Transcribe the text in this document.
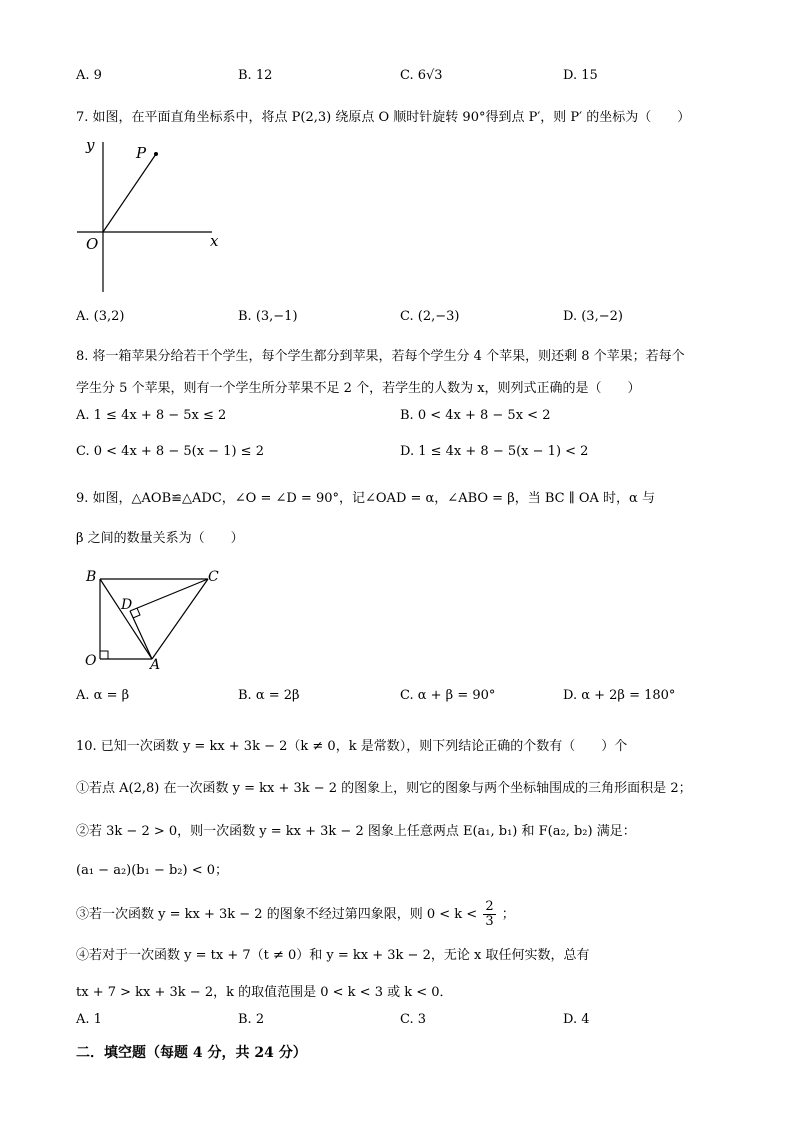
A. 9	B. 12	C. 6√3	D. 15
7. 如图，在平面直角坐标系中，将点 P(2,3) 绕原点 O 顺时针旋转 90°得到点 P′，则 P′ 的坐标为（　　）
y
x
P
O
A. (3,2)	B. (3,−1)	C. (2,−3)	D. (3,−2)
8. 将一箱苹果分给若干个学生，每个学生都分到苹果，若每个学生分 4 个苹果，则还剩 8 个苹果；若每个
学生分 5 个苹果，则有一个学生所分苹果不足 2 个，若学生的人数为 x，则列式正确的是（　　）
A. 1 ≤ 4x + 8 − 5x ≤ 2	B. 0 < 4x + 8 − 5x < 2
C. 0 < 4x + 8 − 5(x − 1) ≤ 2	D. 1 ≤ 4x + 8 − 5(x − 1) < 2
9. 如图，△AOB≌△ADC，∠O = ∠D = 90°，记∠OAD = α，∠ABO = β，当 BC ∥ OA 时，α 与
β 之间的数量关系为（　　）
B	C
D
O	A
A. α = β	B. α = 2β	C. α + β = 90°	D. α + 2β = 180°
10. 已知一次函数 y = kx + 3k − 2（k ≠ 0，k 是常数），则下列结论正确的个数有（　　）个
①若点 A(2,8) 在一次函数 y = kx + 3k − 2 的图象上，则它的图象与两个坐标轴围成的三角形面积是 2；
②若 3k − 2 > 0，则一次函数 y = kx + 3k − 2 图象上任意两点 E(a₁, b₁) 和 F(a₂, b₂) 满足：
(a₁ − a₂)(b₁ − b₂) < 0；
③若一次函数 y = kx + 3k − 2 的图象不经过第四象限，则 $0 < k < \frac{2}{3}$ ；
④若对于一次函数 y = tx + 7（t ≠ 0）和 y = kx + 3k − 2，无论 x 取任何实数，总有
tx + 7 > kx + 3k − 2，k 的取值范围是 0 < k < 3 或 k < 0．
A. 1	B. 2	C. 3	D. 4
二．填空题（每题 4 分，共 24 分）
